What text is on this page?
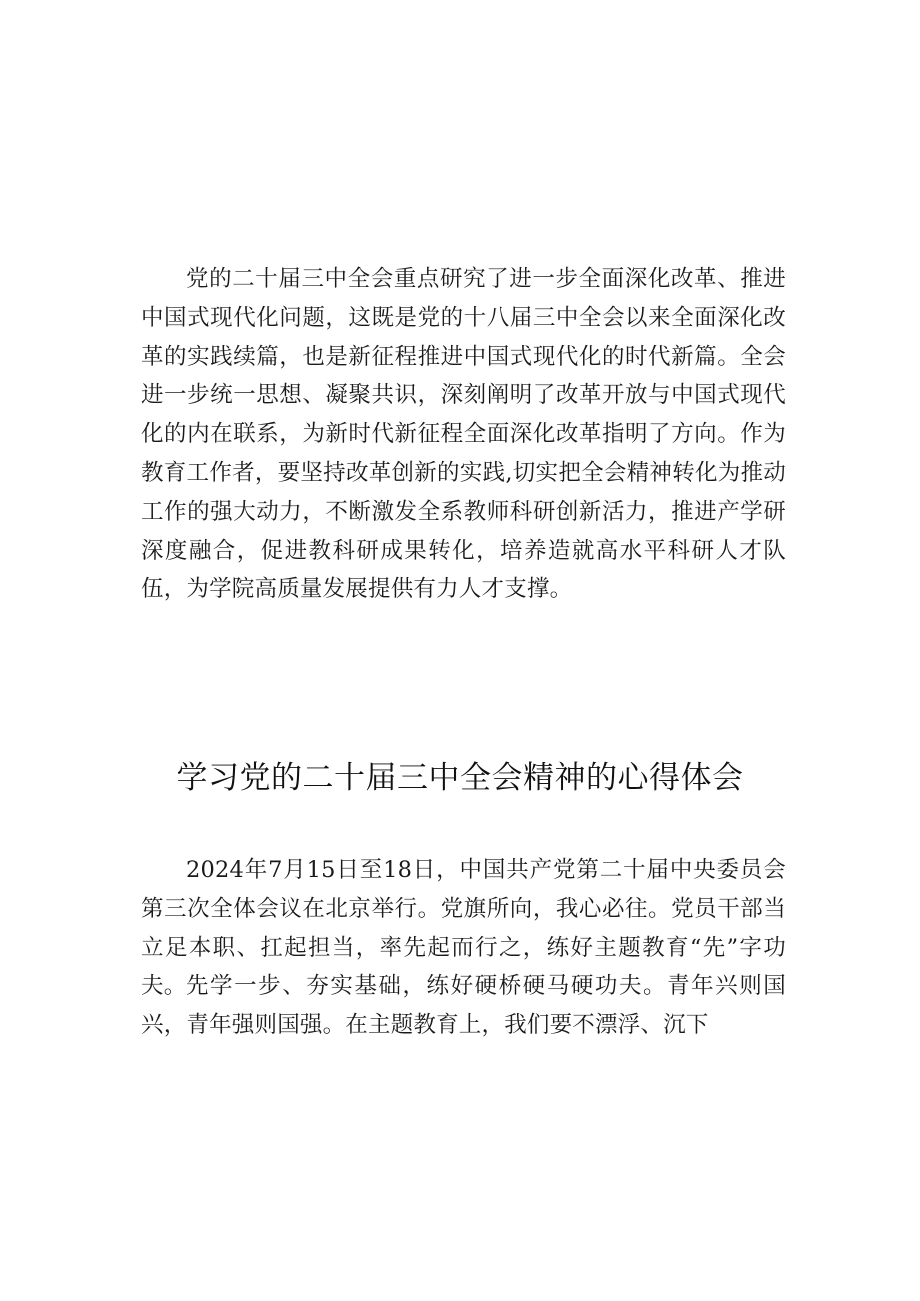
党的二十届三中全会重点研究了进一步全面深化改革、推进中国式现代化问题，这既是党的十八届三中全会以来全面深化改革的实践续篇，也是新征程推进中国式现代化的时代新篇。全会进一步统一思想、凝聚共识，深刻阐明了改革开放与中国式现代化的内在联系，为新时代新征程全面深化改革指明了方向。作为教育工作者，要坚持改革创新的实践,切实把全会精神转化为推动工作的强大动力，不断激发全系教师科研创新活力，推进产学研深度融合，促进教科研成果转化，培养造就高水平科研人才队伍，为学院高质量发展提供有力人才支撑。

学习党的二十届三中全会精神的心得体会

2024年7月15日至18日，中国共产党第二十届中央委员会第三次全体会议在北京举行。党旗所向，我心必往。党员干部当立足本职、扛起担当，率先起而行之，练好主题教育“先”字功夫。 先学一步、夯实基础，练好硬桥硬马硬功夫。青年兴则国兴，青年强则国强。在主题教育上，我们要不漂浮、沉下
